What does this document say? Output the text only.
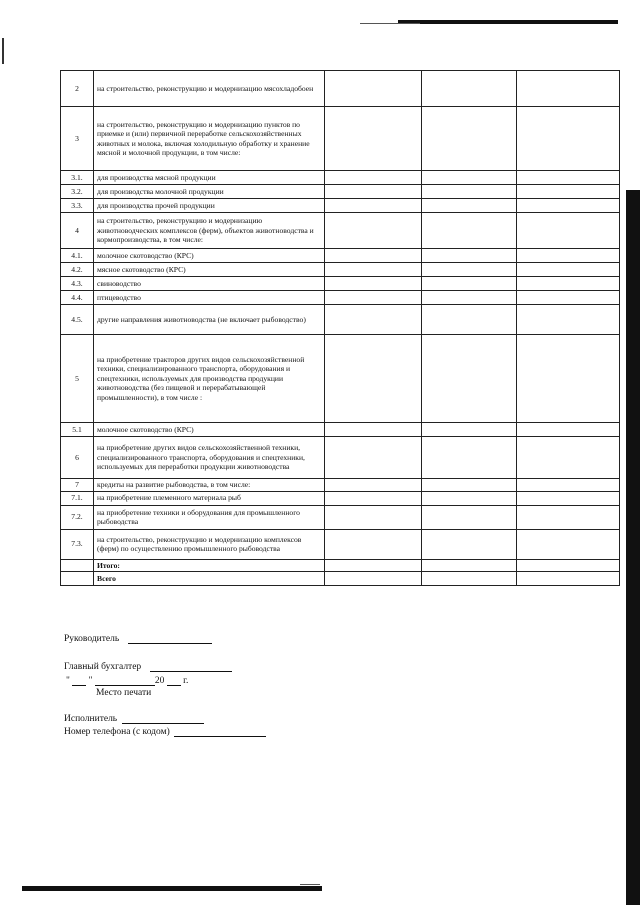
2	на строительство, реконструкцию и модернизацию мясохладобоен			
3	на строительство, реконструкцию и модернизацию пунктов по приемке и (или) первичной переработке сельскохозяйственных животных и молока, включая холодильную обработку и хранение мясной и молочной продукции, в том числе:			
3.1.	для производства мясной продукции			
3.2.	для производства молочной продукции			
3.3.	для производства прочей продукции			
4	на строительство, реконструкцию и модернизацию животноводческих комплексов (ферм), объектов животноводства и кормопроизводства, в том числе:			
4.1.	молочное скотоводство (КРС)			
4.2.	мясное скотоводство (КРС)			
4.3.	свиноводство			
4.4.	птицеводство			
4.5.	другие направления животноводства (не включает рыбоводство)			
5	на приобретение тракторов других видов сельскохозяйственной техники, специализированного транспорта, оборудования и спецтехники, используемых для производства продукции животноводства (без пищевой и перерабатывающей промышленности), в том числе :			
5.1	молочное скотоводство (КРС)			
6	на приобретение других видов сельскохозяйственной техники, специализированного транспорта, оборудования и спецтехники, используемых для переработки продукции животноводства			
7	кредиты на развитие рыбоводства, в том числе:			
7.1.	на приобретение племенного материала рыб			
7.2.	на приобретение техники и оборудования для промышленного рыбоводства			
7.3.	на строительство, реконструкцию и модернизацию комплексов (ферм) по осуществлению промышленного рыбоводства			
	Итого:			
	Всего			
Руководитель
Главный бухгалтер
" "	20 г.
Место печати
Исполнитель
Номер телефона (с кодом)
